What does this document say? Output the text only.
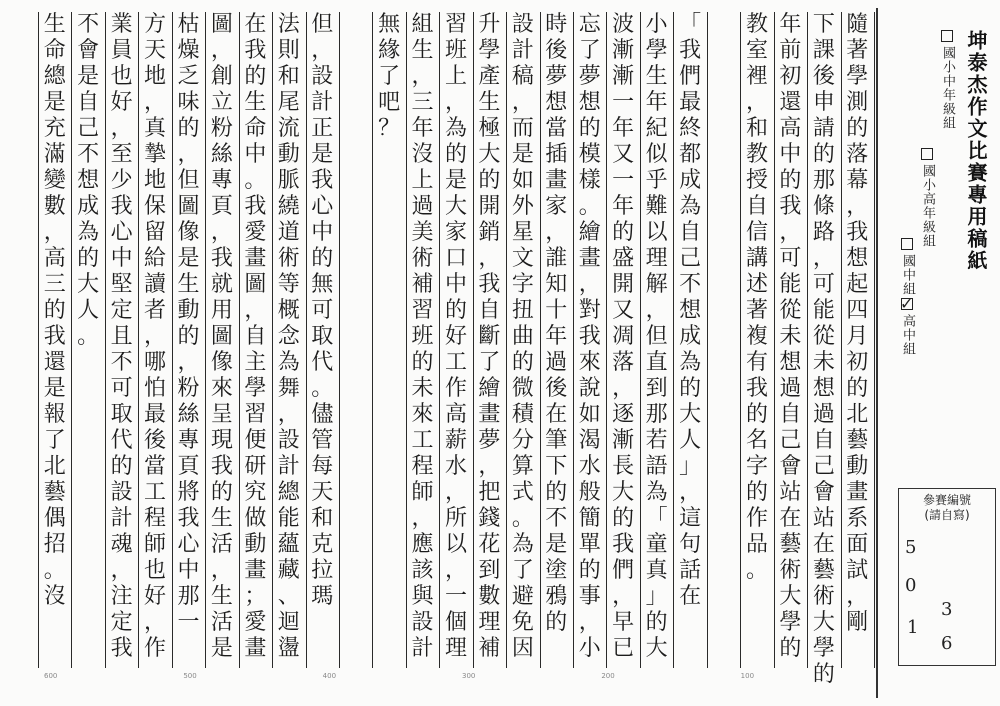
隨
著
學
測
的
落
幕
，
我
想
起
四
月
初
的
北
藝
動
畫
系
面
試
，
剛
下
課
後
申
請
的
那
條
路
，
可
能
從
未
想
過
自
己
會
站
在
藝
術
大
學
的
年
前
初
還
高
中
的
我
，
可
能
從
未
想
過
自
己
會
站
在
藝
術
大
學
的
教
室
裡
，
和
教
授
自
信
講
述
著
複
有
我
的
名
字
的
作
品
。
「
我
們
最
終
都
成
為
自
己
不
想
成
為
的
大
人
」
，
這
句
話
在
小
學
生
年
紀
似
乎
難
以
理
解
，
但
直
到
那
若
語
為
「
童
真
」
的
大
波
漸
漸
一
年
又
一
年
的
盛
開
又
凋
落
，
逐
漸
長
大
的
我
們
，
早
已
忘
了
夢
想
的
模
樣
。
繪
畫
，
對
我
來
說
如
渴
水
般
簡
單
的
事
，
小
時
後
夢
想
當
插
畫
家
，
誰
知
十
年
過
後
在
筆
下
的
不
是
塗
鴉
的
設
計
稿
，
而
是
如
外
星
文
字
扭
曲
的
微
積
分
算
式
。
為
了
避
免
因
升
學
產
生
極
大
的
開
銷
，
我
自
斷
了
繪
畫
夢
，
把
錢
花
到
數
理
補
習
班
上
，
為
的
是
大
家
口
中
的
好
工
作
高
薪
水
，
所
以
，
一
個
理
組
生
，
三
年
沒
上
過
美
術
補
習
班
的
未
來
工
程
師
，
應
該
與
設
計
無
緣
了
吧
？
但
，
設
計
正
是
我
心
中
的
無
可
取
代
。
儘
管
每
天
和
克
拉
瑪
法
則
和
尾
流
動
脈
繞
道
術
等
概
念
為
舞
，
設
計
總
能
蘊
藏
、
迴
盪
在
我
的
生
命
中
。
我
愛
畫
圖
，
自
主
學
習
便
研
究
做
動
畫
；
愛
畫
圖
，
創
立
粉
絲
專
頁
，
我
就
用
圖
像
來
呈
現
我
的
生
活
，
生
活
是
枯
燥
乏
味
的
，
但
圖
像
是
生
動
的
，
粉
絲
專
頁
將
我
心
中
那
一
方
天
地
，
真
摯
地
保
留
給
讀
者
，
哪
怕
最
後
當
工
程
師
也
好
，
作
業
員
也
好
，
至
少
我
心
中
堅
定
且
不
可
取
代
的
設
計
魂
，
注
定
我
不
會
是
自
己
不
想
成
為
的
大
人
。
生
命
總
是
充
滿
變
數
，
高
三
的
我
還
是
報
了
北
藝
偶
招
。
沒
坤泰杰作文比賽專用稿紙
國小中年級組
國小高年級組
國中組
高中組
✓
參賽編號
(請自寫)
5
0
1
3
6
100
200
300
400
500
600
